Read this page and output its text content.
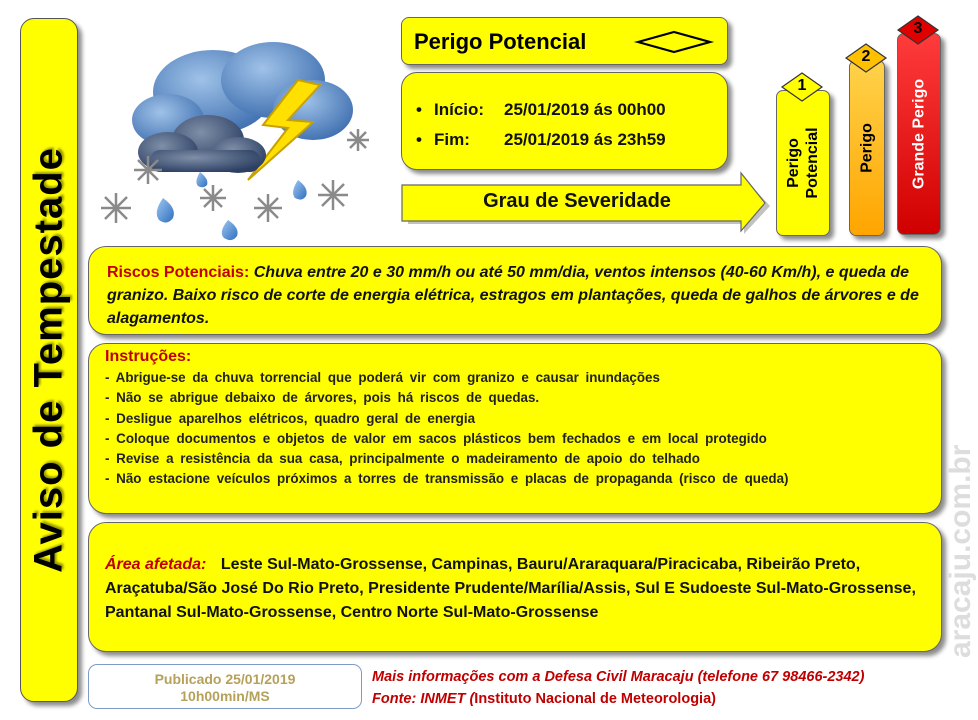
Aviso de Tempestade
Perigo Potencial
• Início:	25/01/2019 ás 00h00
• Fim:	25/01/2019 ás 23h59
Grau de Severidade
Perigo Potencial
1
Perigo
2
Grande Perigo
3
Riscos Potenciais: Chuva entre 20 e 30 mm/h ou até 50 mm/dia, ventos intensos (40-60 Km/h), e queda de granizo. Baixo risco de corte de energia elétrica, estragos em plantações, queda de galhos de árvores e de alagamentos.
Instruções:
- Abrigue-se da chuva torrencial que poderá vir com granizo e causar inundações
- Não se abrigue debaixo de árvores, pois há riscos de quedas.
- Desligue aparelhos elétricos, quadro geral de energia
- Coloque documentos e objetos de valor em sacos plásticos bem fechados e em local protegido
- Revise a resistência da sua casa, principalmente o madeiramento de apoio do telhado
- Não estacione veículos próximos a torres de transmissão e placas de propaganda (risco de queda)
Área afetada: Leste Sul-Mato-Grossense, Campinas, Bauru/Araraquara/Piracicaba, Ribeirão Preto, Araçatuba/São José Do Rio Preto, Presidente Prudente/Marília/Assis, Sul E Sudoeste Sul-Mato-Grossense, Pantanal Sul-Mato-Grossense, Centro Norte Sul-Mato-Grossense
Publicado 25/01/2019
10h00min/MS
Mais informações com a Defesa Civil Maracaju (telefone 67 98466-2342)
Fonte: INMET (Instituto Nacional de Meteorologia)
aracaju.com.br
